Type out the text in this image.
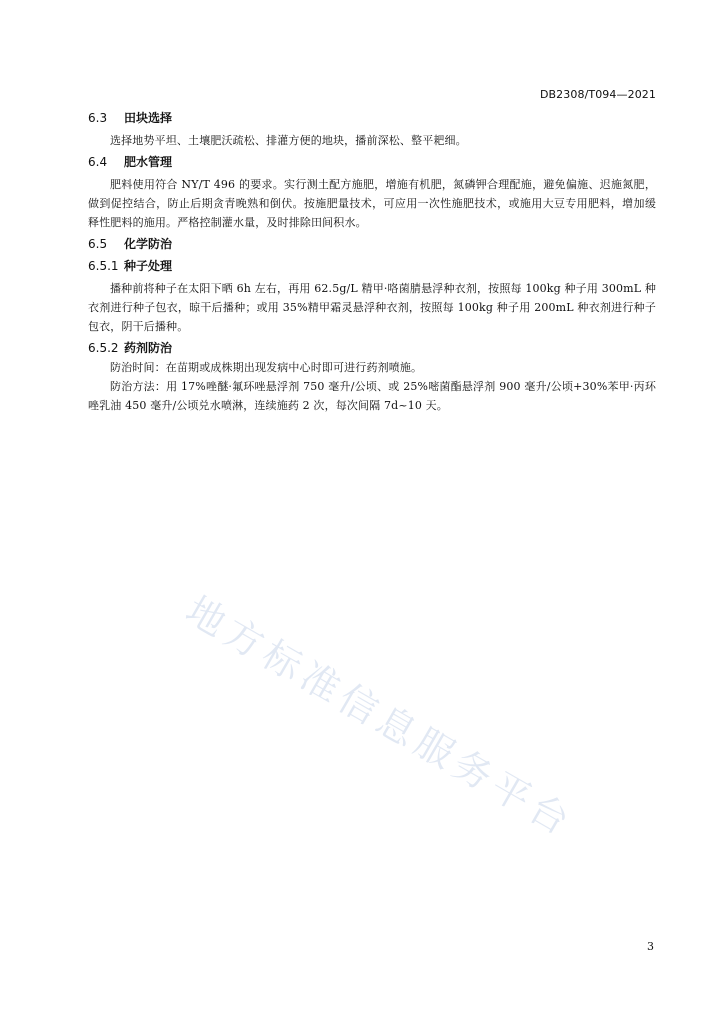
DB2308/T094—2021
6.3 田块选择

选择地势平坦、土壤肥沃疏松、排灌方便的地块，播前深松、整平耙细。

6.4 肥水管理

肥料使用符合 NY/T 496 的要求。实行测土配方施肥，增施有机肥，氮磷钾合理配施，避免偏施、迟施氮肥，做到促控结合，防止后期贪青晚熟和倒伏。按施肥量技术，可应用一次性施肥技术，或施用大豆专用肥料，增加缓释性肥料的施用。严格控制灌水量，及时排除田间积水。

6.5 化学防治
6.5.1 种子处理

播种前将种子在太阳下晒 6h 左右，再用 62.5g/L 精甲·咯菌腈悬浮种衣剂，按照每 100kg 种子用 300mL 种衣剂进行种子包衣，晾干后播种；或用 35%精甲霜灵悬浮种衣剂，按照每 100kg 种子用 200mL 种衣剂进行种子包衣，阴干后播种。

6.5.2 药剂防治

防治时间：在苗期或成株期出现发病中心时即可进行药剂喷施。

防治方法：用 17%唑醚·氟环唑悬浮剂 750 毫升/公顷、或 25%嘧菌酯悬浮剂 900 毫升/公顷+30%苯甲·丙环唑乳油 450 毫升/公顷兑水喷淋，连续施药 2 次，每次间隔 7d~10 天。

地方标准信息服务平台
3
